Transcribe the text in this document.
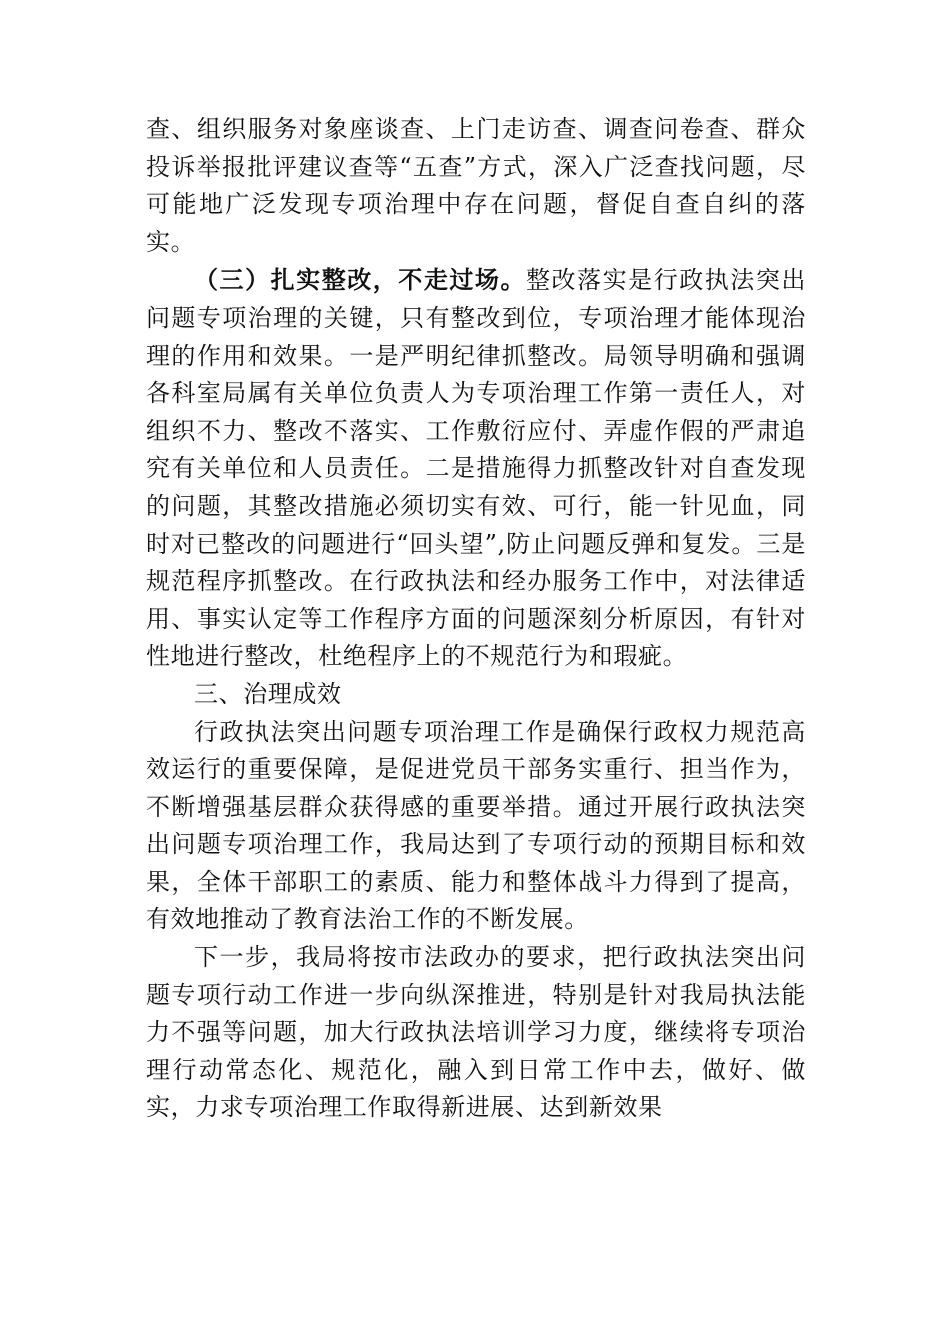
查、组织服务对象座谈查、上门走访查、调查问卷查、群众投诉举报批评建议查等“五查”方式，深入广泛查找问题，尽可能地广泛发现专项治理中存在问题，督促自查自纠的落实。

（三）扎实整改，不走过场。整改落实是行政执法突出问题专项治理的关键，只有整改到位，专项治理才能体现治理的作用和效果。一是严明纪律抓整改。局领导明确和强调各科室局属有关单位负责人为专项治理工作第一责任人，对组织不力、整改不落实、工作敷衍应付、弄虚作假的严肃追究有关单位和人员责任。二是措施得力抓整改针对自查发现的问题，其整改措施必须切实有效、可行，能一针见血，同时对已整改的问题进行“回头望”,防止问题反弹和复发。三是规范程序抓整改。在行政执法和经办服务工作中，对法律适用、事实认定等工作程序方面的问题深刻分析原因，有针对性地进行整改，杜绝程序上的不规范行为和瑕疵。

三、治理成效

行政执法突出问题专项治理工作是确保行政权力规范高效运行的重要保障，是促进党员干部务实重行、担当作为，不断增强基层群众获得感的重要举措。通过开展行政执法突出问题专项治理工作，我局达到了专项行动的预期目标和效果，全体干部职工的素质、能力和整体战斗力得到了提高，有效地推动了教育法治工作的不断发展。

下一步，我局将按市法政办的要求，把行政执法突出问题专项行动工作进一步向纵深推进，特别是针对我局执法能力不强等问题，加大行政执法培训学习力度，继续将专项治理行动常态化、规范化，融入到日常工作中去，做好、做实，力求专项治理工作取得新进展、达到新效果
